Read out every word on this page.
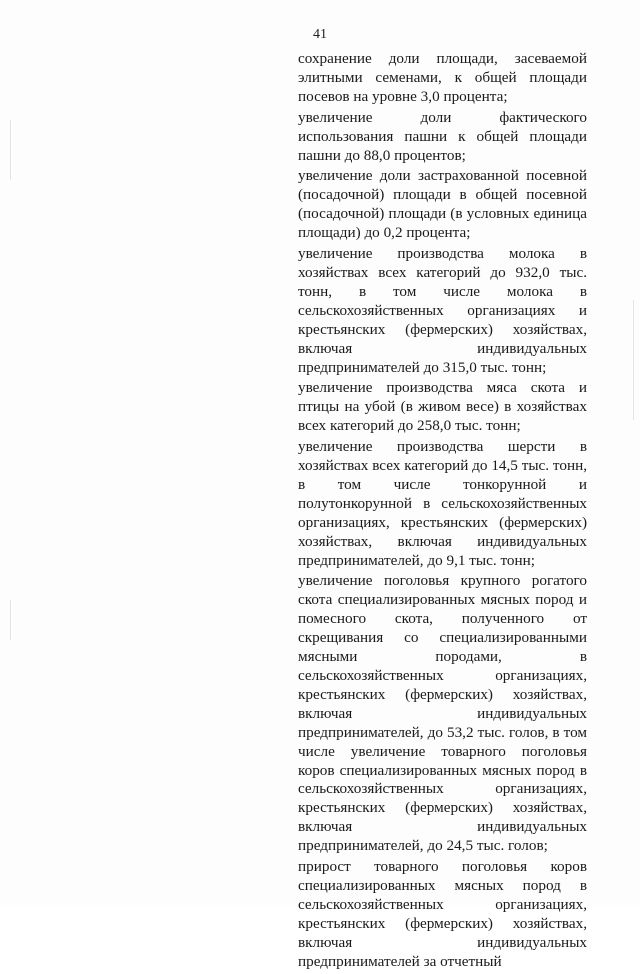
41

сохранение доли площади, засеваемой элитными семенами, к общей площади посевов на уровне 3,0 процента;

увеличение доли фактического использования пашни к общей площади пашни до 88,0 процентов;

увеличение доли застрахованной посевной (посадочной) площади в общей посевной (посадочной) площади (в условных единица площади) до 0,2 процента;

увеличение производства молока в хозяйствах всех категорий до 932,0 тыс. тонн, в том числе молока в сельскохозяйственных организациях и крестьянских (фермерских) хозяйствах, включая индивидуальных предпринимателей до 315,0 тыс. тонн;

увеличение производства мяса скота и птицы на убой (в живом весе) в хозяйствах всех категорий до 258,0 тыс. тонн;

увеличение производства шерсти в хозяйствах всех категорий до 14,5 тыс. тонн, в том числе тонкорунной и полутонкорунной в сельскохозяйственных организациях, крестьянских (фермерских) хозяйствах, включая индивидуальных предпринимателей, до 9,1 тыс. тонн;

увеличение поголовья крупного рогатого скота специализированных мясных пород и помесного скота, полученного от скрещивания со специализированными мясными породами, в сельскохозяйственных организациях, крестьянских (фермерских) хозяйствах, включая индивидуальных предпринимателей, до 53,2 тыс. голов, в том числе увеличение товарного поголовья коров специализированных мясных пород в сельскохозяйственных организациях, крестьянских (фермерских) хозяйствах, включая индивидуальных предпринимателей, до 24,5 тыс. голов;

прирост товарного поголовья коров специализированных мясных пород в сельскохозяйственных организациях, крестьянских (фермерских) хозяйствах, включая индивидуальных предпринимателей за отчетный
